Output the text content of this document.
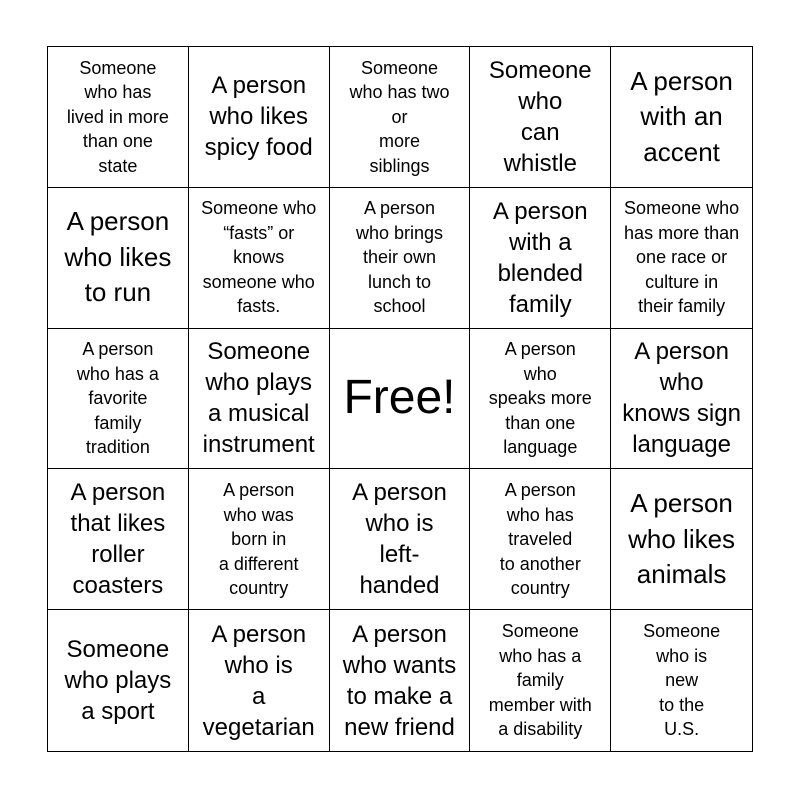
Someone
who has
lived in more
than one
state
A person
who likes
spicy food
Someone
who has two
or
more
siblings
Someone
who
can
whistle
A person
with an
accent
A person
who likes
to run
Someone who
“fasts” or
knows
someone who
fasts.
A person
who brings
their own
lunch to
school
A person
with a
blended
family
Someone who
has more than
one race or
culture in
their family
A person
who has a
favorite
family
tradition
Someone
who plays
a musical
instrument
Free!
A person
who
speaks more
than one
language
A person
who
knows sign
language
A person
that likes
roller
coasters
A person
who was
born in
a different
country
A person
who is
left-
handed
A person
who has
traveled
to another
country
A person
who likes
animals
Someone
who plays
a sport
A person
who is
a
vegetarian
A person
who wants
to make a
new friend
Someone
who has a
family
member with
a disability
Someone
who is
new
to the
U.S.
